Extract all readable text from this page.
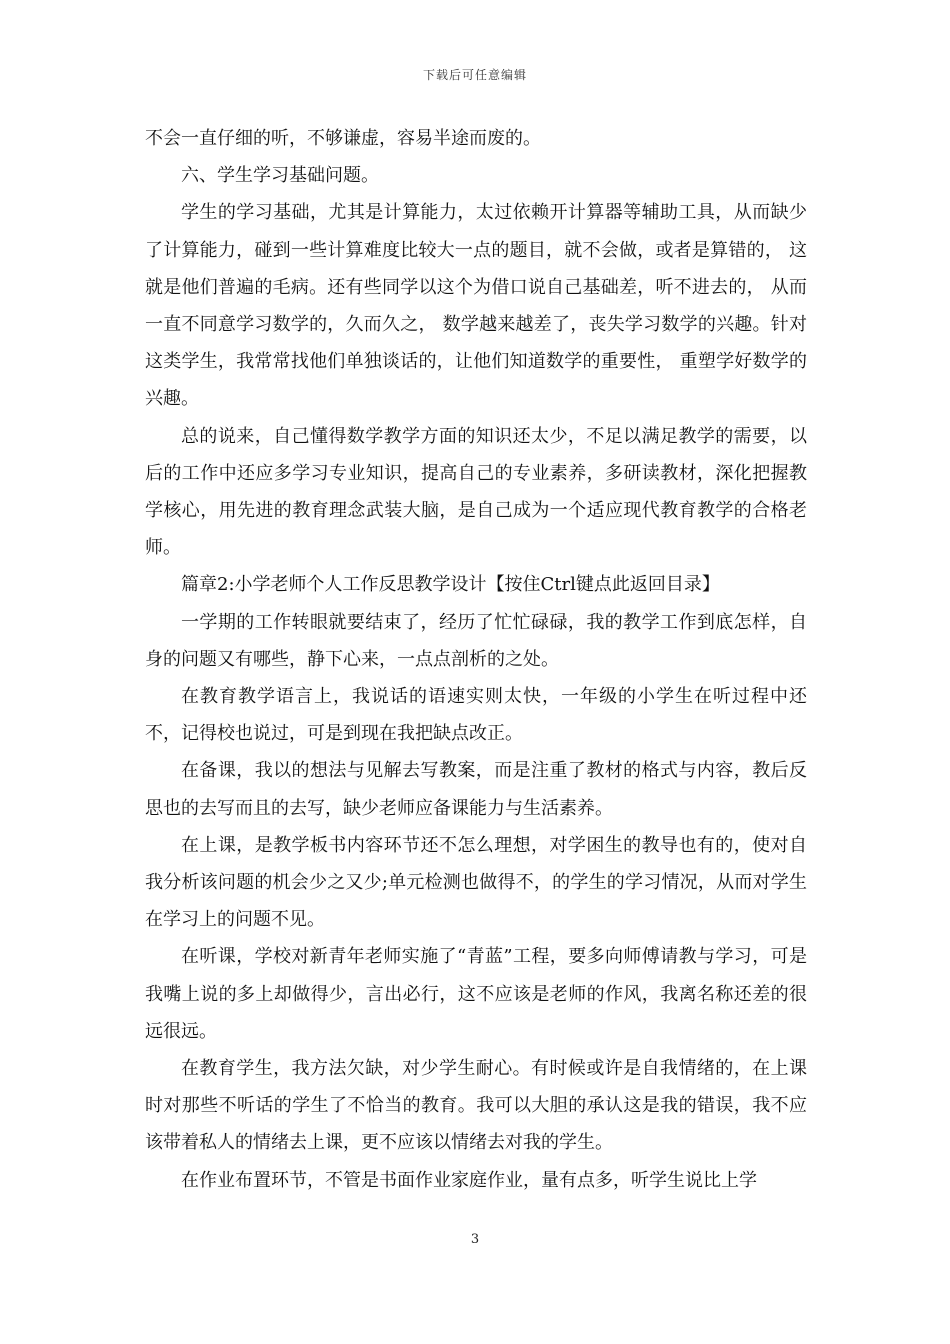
下载后可任意编辑

不会一直仔细的听，不够谦虚，容易半途而废的。

六、学生学习基础问题。

学生的学习基础，尤其是计算能力，太过依赖开计算器等辅助工具，从而缺少了计算能力，碰到一些计算难度比较大一点的题目，就不会做，或者是算错的， 这就是他们普遍的毛病。还有些同学以这个为借口说自己基础差，听不进去的， 从而一直不同意学习数学的，久而久之， 数学越来越差了，丧失学习数学的兴趣。针对这类学生，我常常找他们单独谈话的，让他们知道数学的重要性， 重塑学好数学的兴趣。

总的说来，自己懂得数学教学方面的知识还太少，不足以满足教学的需要，以后的工作中还应多学习专业知识，提高自己的专业素养，多研读教材，深化把握教学核心，用先进的教育理念武装大脑，是自己成为一个适应现代教育教学的合格老师。

篇章2:小学老师个人工作反思教学设计【按住Ctrl键点此返回目录】

一学期的工作转眼就要结束了，经历了忙忙碌碌，我的教学工作到底怎样，自身的问题又有哪些，静下心来，一点点剖析的之处。

在教育教学语言上，我说话的语速实则太快，一年级的小学生在听过程中还不，记得校也说过，可是到现在我把缺点改正。

在备课，我以的想法与见解去写教案，而是注重了教材的格式与内容，教后反思也的去写而且的去写，缺少老师应备课能力与生活素养。

在上课，是教学板书内容环节还不怎么理想，对学困生的教导也有的，使对自我分析该问题的机会少之又少;单元检测也做得不，的学生的学习情况，从而对学生在学习上的问题不见。

在听课，学校对新青年老师实施了“青蓝”工程，要多向师傅请教与学习，可是我嘴上说的多上却做得少，言出必行，这不应该是老师的作风，我离名称还差的很远很远。

在教育学生，我方法欠缺，对少学生耐心。有时候或许是自我情绪的，在上课时对那些不听话的学生了不恰当的教育。我可以大胆的承认这是我的错误，我不应该带着私人的情绪去上课，更不应该以情绪去对我的学生。

在作业布置环节，不管是书面作业家庭作业，量有点多，听学生说比上学

3
